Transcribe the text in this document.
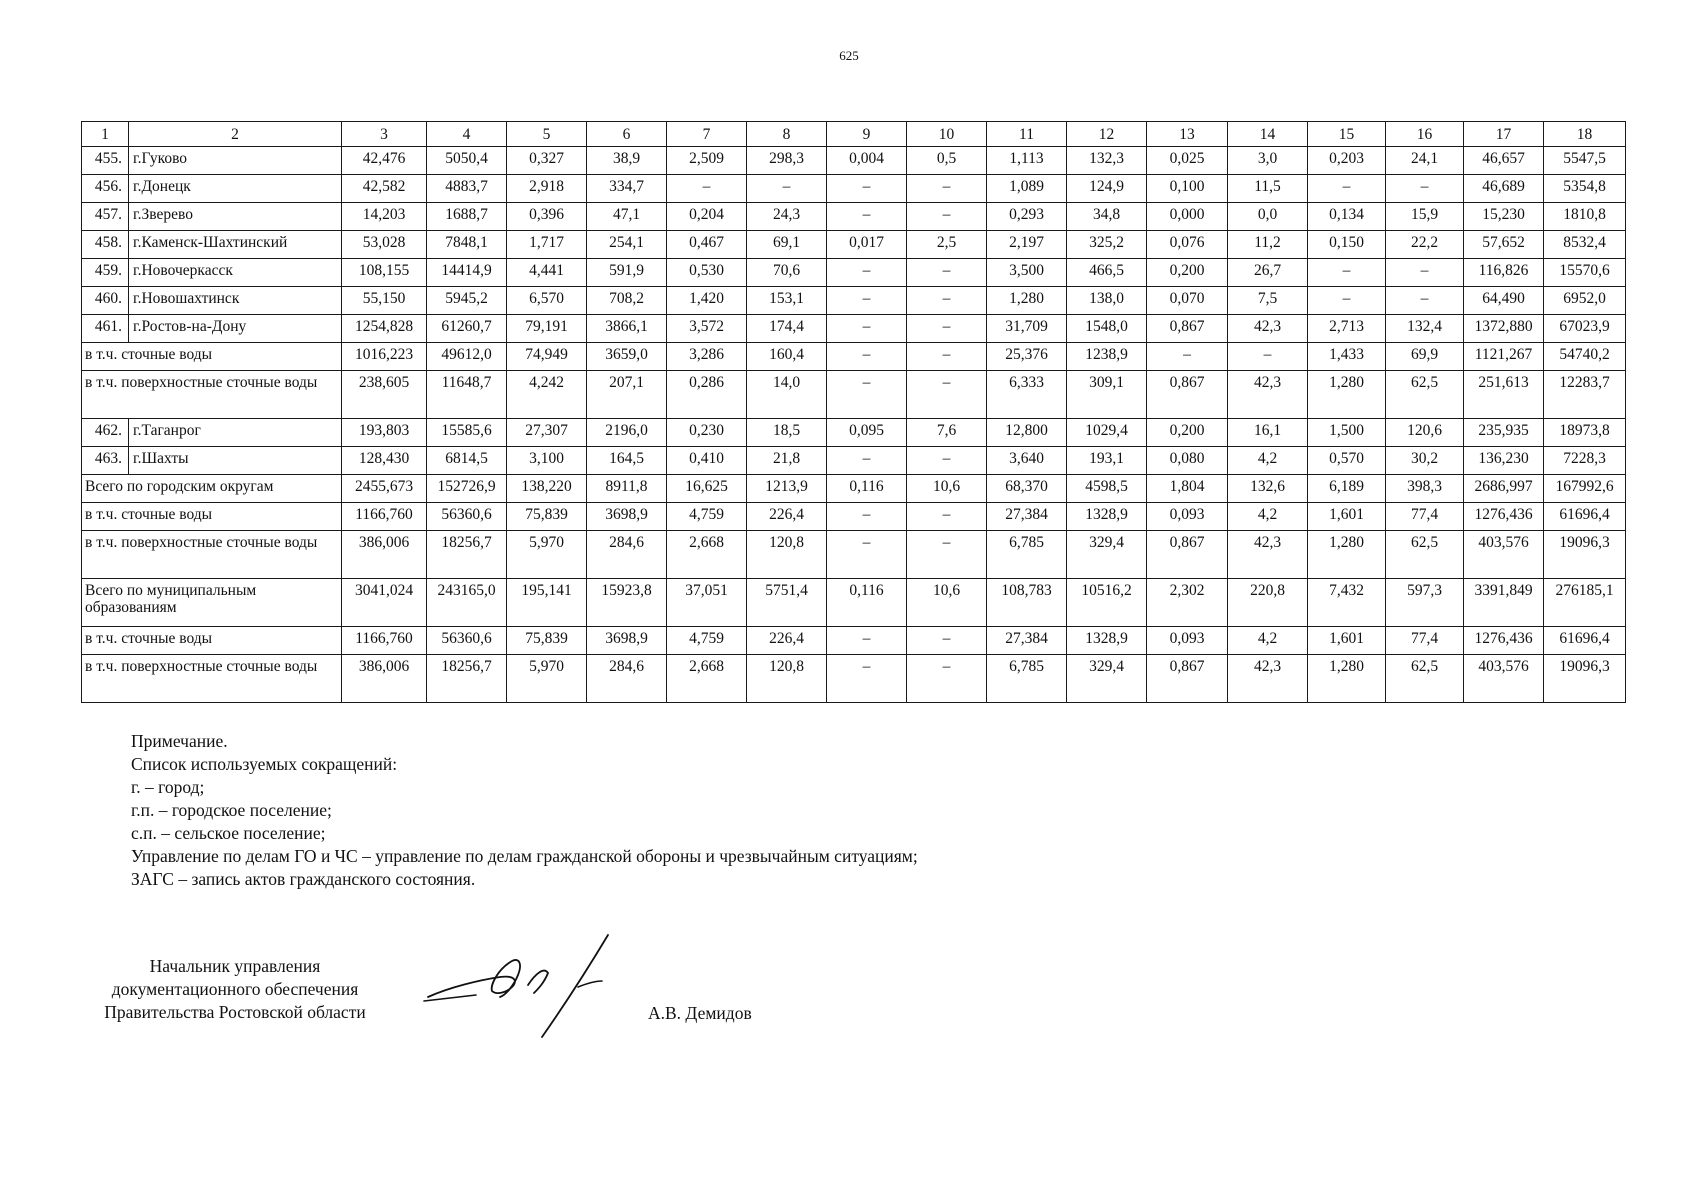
625
1	2	3	4	5	6	7	8	9	10	11	12	13	14	15	16	17	18
455.	г.Гуково	42,476	5050,4	0,327	38,9	2,509	298,3	0,004	0,5	1,113	132,3	0,025	3,0	0,203	24,1	46,657	5547,5
456.	г.Донецк	42,582	4883,7	2,918	334,7	–	–	–	–	1,089	124,9	0,100	11,5	–	–	46,689	5354,8
457.	г.Зверево	14,203	1688,7	0,396	47,1	0,204	24,3	–	–	0,293	34,8	0,000	0,0	0,134	15,9	15,230	1810,8
458.	г.Каменск-Шахтинский	53,028	7848,1	1,717	254,1	0,467	69,1	0,017	2,5	2,197	325,2	0,076	11,2	0,150	22,2	57,652	8532,4
459.	г.Новочеркасск	108,155	14414,9	4,441	591,9	0,530	70,6	–	–	3,500	466,5	0,200	26,7	–	–	116,826	15570,6
460.	г.Новошахтинск	55,150	5945,2	6,570	708,2	1,420	153,1	–	–	1,280	138,0	0,070	7,5	–	–	64,490	6952,0
461.	г.Ростов-на-Дону	1254,828	61260,7	79,191	3866,1	3,572	174,4	–	–	31,709	1548,0	0,867	42,3	2,713	132,4	1372,880	67023,9
в т.ч. сточные воды		1016,223	49612,0	74,949	3659,0	3,286	160,4	–	–	25,376	1238,9	–	–	1,433	69,9	1121,267	54740,2
в т.ч. поверхностные сточные воды		238,605	11648,7	4,242	207,1	0,286	14,0	–	–	6,333	309,1	0,867	42,3	1,280	62,5	251,613	12283,7
462.	г.Таганрог	193,803	15585,6	27,307	2196,0	0,230	18,5	0,095	7,6	12,800	1029,4	0,200	16,1	1,500	120,6	235,935	18973,8
463.	г.Шахты	128,430	6814,5	3,100	164,5	0,410	21,8	–	–	3,640	193,1	0,080	4,2	0,570	30,2	136,230	7228,3
Всего по городским округам		2455,673	152726,9	138,220	8911,8	16,625	1213,9	0,116	10,6	68,370	4598,5	1,804	132,6	6,189	398,3	2686,997	167992,6
в т.ч. сточные воды		1166,760	56360,6	75,839	3698,9	4,759	226,4	–	–	27,384	1328,9	0,093	4,2	1,601	77,4	1276,436	61696,4
в т.ч. поверхностные сточные воды		386,006	18256,7	5,970	284,6	2,668	120,8	–	–	6,785	329,4	0,867	42,3	1,280	62,5	403,576	19096,3
Всего по муниципальным образованиям		3041,024	243165,0	195,141	15923,8	37,051	5751,4	0,116	10,6	108,783	10516,2	2,302	220,8	7,432	597,3	3391,849	276185,1
в т.ч. сточные воды		1166,760	56360,6	75,839	3698,9	4,759	226,4	–	–	27,384	1328,9	0,093	4,2	1,601	77,4	1276,436	61696,4
в т.ч. поверхностные сточные воды		386,006	18256,7	5,970	284,6	2,668	120,8	–	–	6,785	329,4	0,867	42,3	1,280	62,5	403,576	19096,3
Примечание.
Список используемых сокращений:
г. – город;
г.п. – городское поселение;
с.п. – сельское поселение;
Управление по делам ГО и ЧС – управление по делам гражданской обороны и чрезвычайным ситуациям;
ЗАГС – запись актов гражданского состояния.
Начальник управления
документационного обеспечения
Правительства Ростовской области	А.В. Демидов
